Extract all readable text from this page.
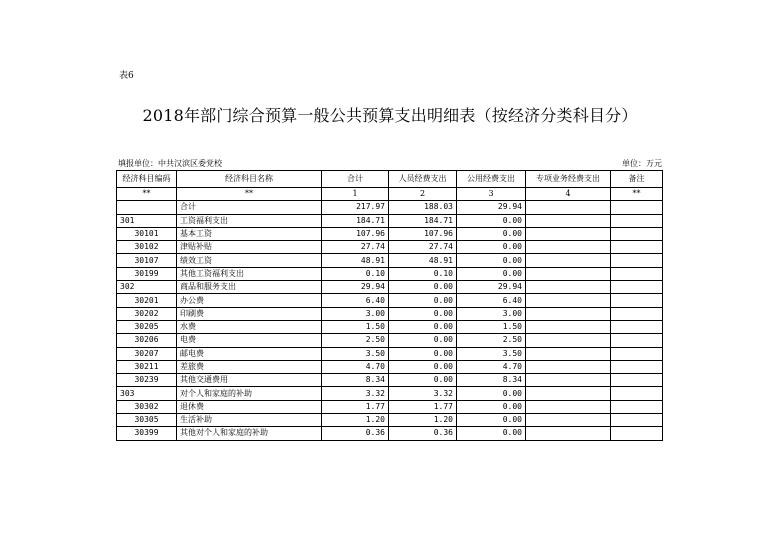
表6
2018年部门综合预算一般公共预算支出明细表（按经济分类科目分）
填报单位：中共汉滨区委党校	单位：万元
经济科目编码	经济科目名称	合计	人员经费支出	公用经费支出	专项业务经费支出	备注
**	**	1	2	3	4	**
	合计	217.97	188.03	29.94		
301	工资福利支出	184.71	184.71	0.00		
30101	基本工资	107.96	107.96	0.00		
30102	津贴补贴	27.74	27.74	0.00		
30107	绩效工资	48.91	48.91	0.00		
30199	其他工资福利支出	0.10	0.10	0.00		
302	商品和服务支出	29.94	0.00	29.94		
30201	办公费	6.40	0.00	6.40		
30202	印刷费	3.00	0.00	3.00		
30205	水费	1.50	0.00	1.50		
30206	电费	2.50	0.00	2.50		
30207	邮电费	3.50	0.00	3.50		
30211	差旅费	4.70	0.00	4.70		
30239	其他交通费用	8.34	0.00	8.34		
303	对个人和家庭的补助	3.32	3.32	0.00		
30302	退休费	1.77	1.77	0.00		
30305	生活补助	1.20	1.20	0.00		
30399	其他对个人和家庭的补助	0.36	0.36	0.00		
